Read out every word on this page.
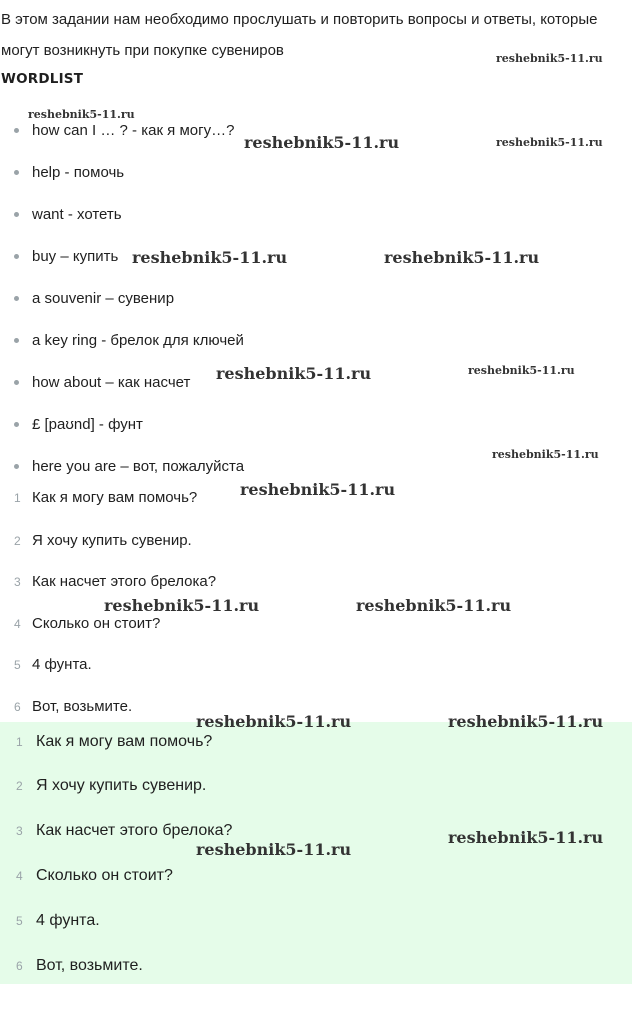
В этом задании нам необходимо прослушать и повторить вопросы и ответы, которые могут возникнуть при покупке сувениров

WORDLIST
how can I … ? - как я могу…?
help - помочь
want - хотеть
buy – купить
a souvenir – сувенир
a key ring - брелок для ключей
how about – как насчет
£ [paʊnd] - фунт
here you are – вот, пожалуйста
1 Как я могу вам помочь?
2 Я хочу купить сувенир.
3 Как насчет этого брелока?
4 Сколько он стоит?
5 4 фунта.
6 Вот, возьмите.
1 Как я могу вам помочь?
2 Я хочу купить сувенир.
3 Как насчет этого брелока?
4 Сколько он стоит?
5 4 фунта.
6 Вот, возьмите.
reshebnik5-11.ru
reshebnik5-11.ru
reshebnik5-11.ru	reshebnik5-11.ru
reshebnik5-11.ru	reshebnik5-11.ru
reshebnik5-11.ru	reshebnik5-11.ru
reshebnik5-11.ru
reshebnik5-11.ru
reshebnik5-11.ru	reshebnik5-11.ru
reshebnik5-11.ru	reshebnik5-11.ru
reshebnik5-11.ru
reshebnik5-11.ru
